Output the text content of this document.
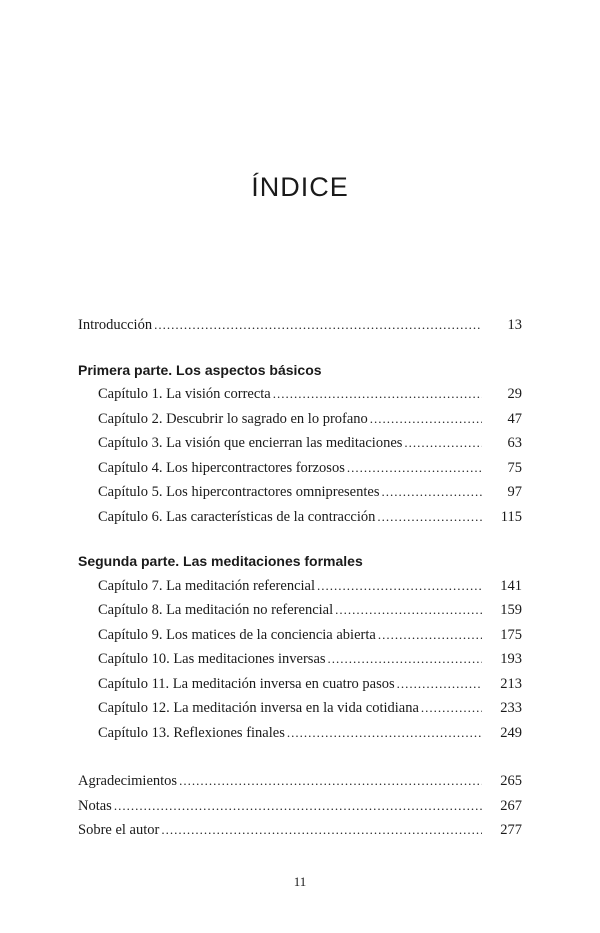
ÍNDICE
Introducción .....	13
Primera parte. Los aspectos básicos
Capítulo 1. La visión correcta .....	29
Capítulo 2. Descubrir lo sagrado en lo profano .....	47
Capítulo 3. La visión que encierran las meditaciones .....	63
Capítulo 4. Los hipercontractores forzosos .....	75
Capítulo 5. Los hipercontractores omnipresentes .....	97
Capítulo 6. Las características de la contracción .....	115
Segunda parte. Las meditaciones formales
Capítulo 7. La meditación referencial .....	141
Capítulo 8. La meditación no referencial .....	159
Capítulo 9. Los matices de la conciencia abierta .....	175
Capítulo 10. Las meditaciones inversas .....	193
Capítulo 11. La meditación inversa en cuatro pasos .....	213
Capítulo 12. La meditación inversa en la vida cotidiana .....	233
Capítulo 13. Reflexiones finales .....	249
Agradecimientos .....	265
Notas .....	267
Sobre el autor .....	277
11
